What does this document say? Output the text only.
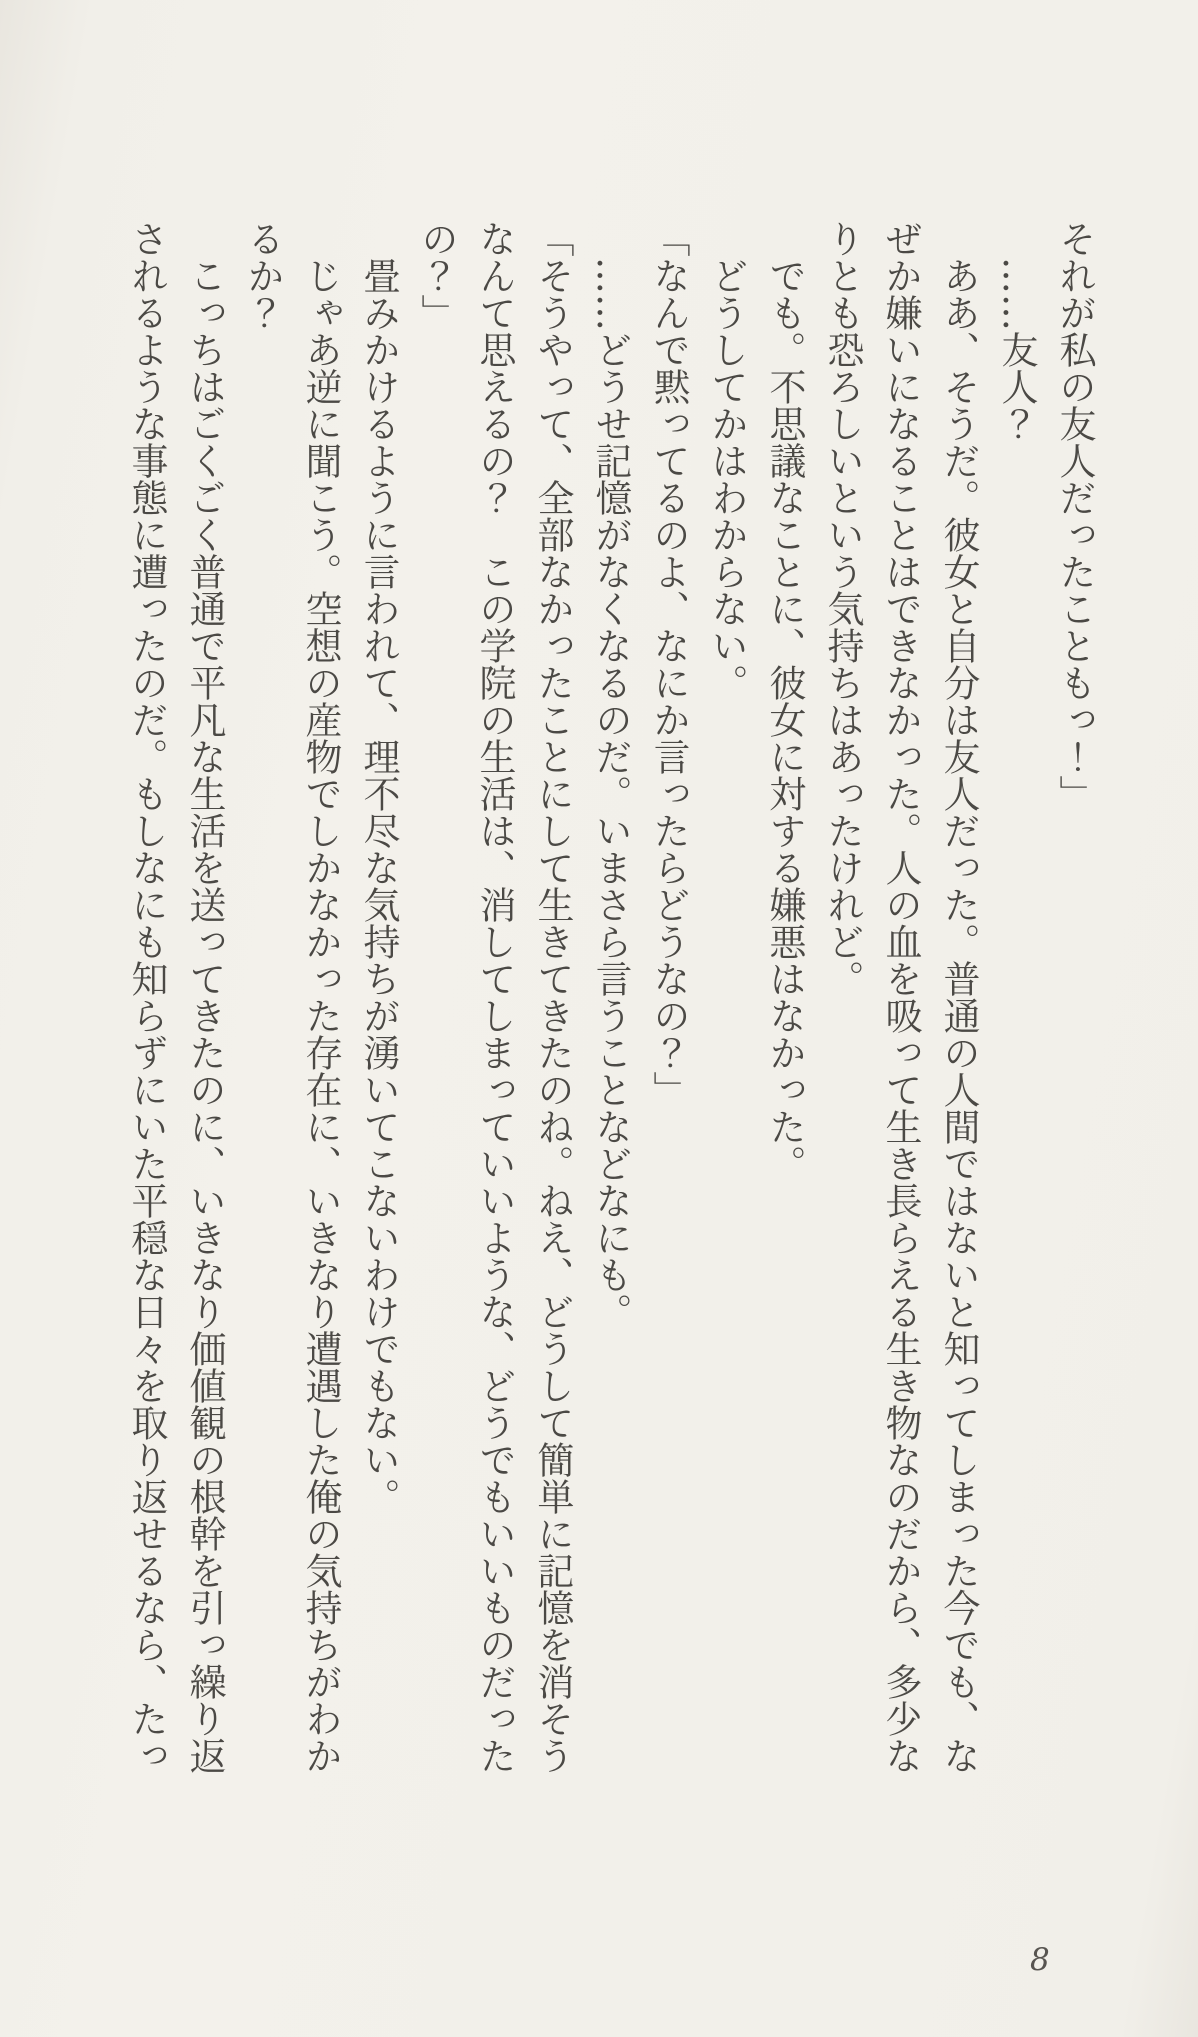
それが私の友人だったこともっ！」
　……友人？
　ああ、そうだ。彼女と自分は友人だった。普通の人間ではないと知ってしまった今でも、な
ぜか嫌いになることはできなかった。人の血を吸って生き長らえる生き物なのだから、多少な
りとも恐ろしいという気持ちはあったけれど。
　でも。不思議なことに、彼女に対する嫌悪はなかった。
　どうしてかはわからない。
「なんで黙ってるのよ、なにか言ったらどうなの？」
　……どうせ記憶がなくなるのだ。いまさら言うことなどなにも。
「そうやって、全部なかったことにして生きてきたのね。ねえ、どうして簡単に記憶を消そう
なんて思えるの？　この学院の生活は、消してしまっていいような、どうでもいいものだった
の？」
　畳みかけるように言われて、理不尽な気持ちが湧いてこないわけでもない。
　じゃあ逆に聞こう。空想の産物でしかなかった存在に、いきなり遭遇した俺の気持ちがわか
るか？
　こっちはごくごく普通で平凡な生活を送ってきたのに、いきなり価値観の根幹を引っ繰り返
されるような事態に遭ったのだ。もしなにも知らずにいた平穏な日々を取り返せるなら、たっ
8
